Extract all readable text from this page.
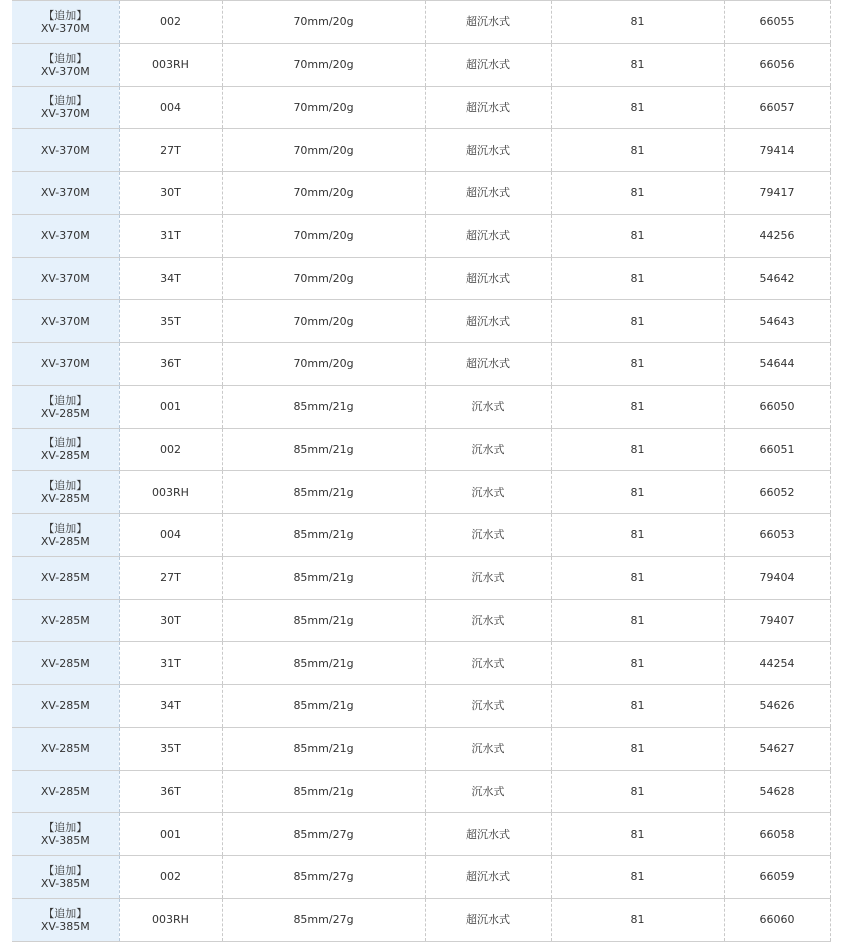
【追加】
XV-370M	002	70mm/20g	超沉水式	81	66055

【追加】
XV-370M	003RH	70mm/20g	超沉水式	81	66056

【追加】
XV-370M	004	70mm/20g	超沉水式	81	66057

XV-370M	27T	70mm/20g	超沉水式	81	79414

XV-370M	30T	70mm/20g	超沉水式	81	79417

XV-370M	31T	70mm/20g	超沉水式	81	44256

XV-370M	34T	70mm/20g	超沉水式	81	54642

XV-370M	35T	70mm/20g	超沉水式	81	54643

XV-370M	36T	70mm/20g	超沉水式	81	54644

【追加】
XV-285M	001	85mm/21g	沉水式	81	66050

【追加】
XV-285M	002	85mm/21g	沉水式	81	66051

【追加】
XV-285M	003RH	85mm/21g	沉水式	81	66052

【追加】
XV-285M	004	85mm/21g	沉水式	81	66053

XV-285M	27T	85mm/21g	沉水式	81	79404

XV-285M	30T	85mm/21g	沉水式	81	79407

XV-285M	31T	85mm/21g	沉水式	81	44254

XV-285M	34T	85mm/21g	沉水式	81	54626

XV-285M	35T	85mm/21g	沉水式	81	54627

XV-285M	36T	85mm/21g	沉水式	81	54628

【追加】
XV-385M	001	85mm/27g	超沉水式	81	66058

【追加】
XV-385M	002	85mm/27g	超沉水式	81	66059

【追加】
XV-385M	003RH	85mm/27g	超沉水式	81	66060
